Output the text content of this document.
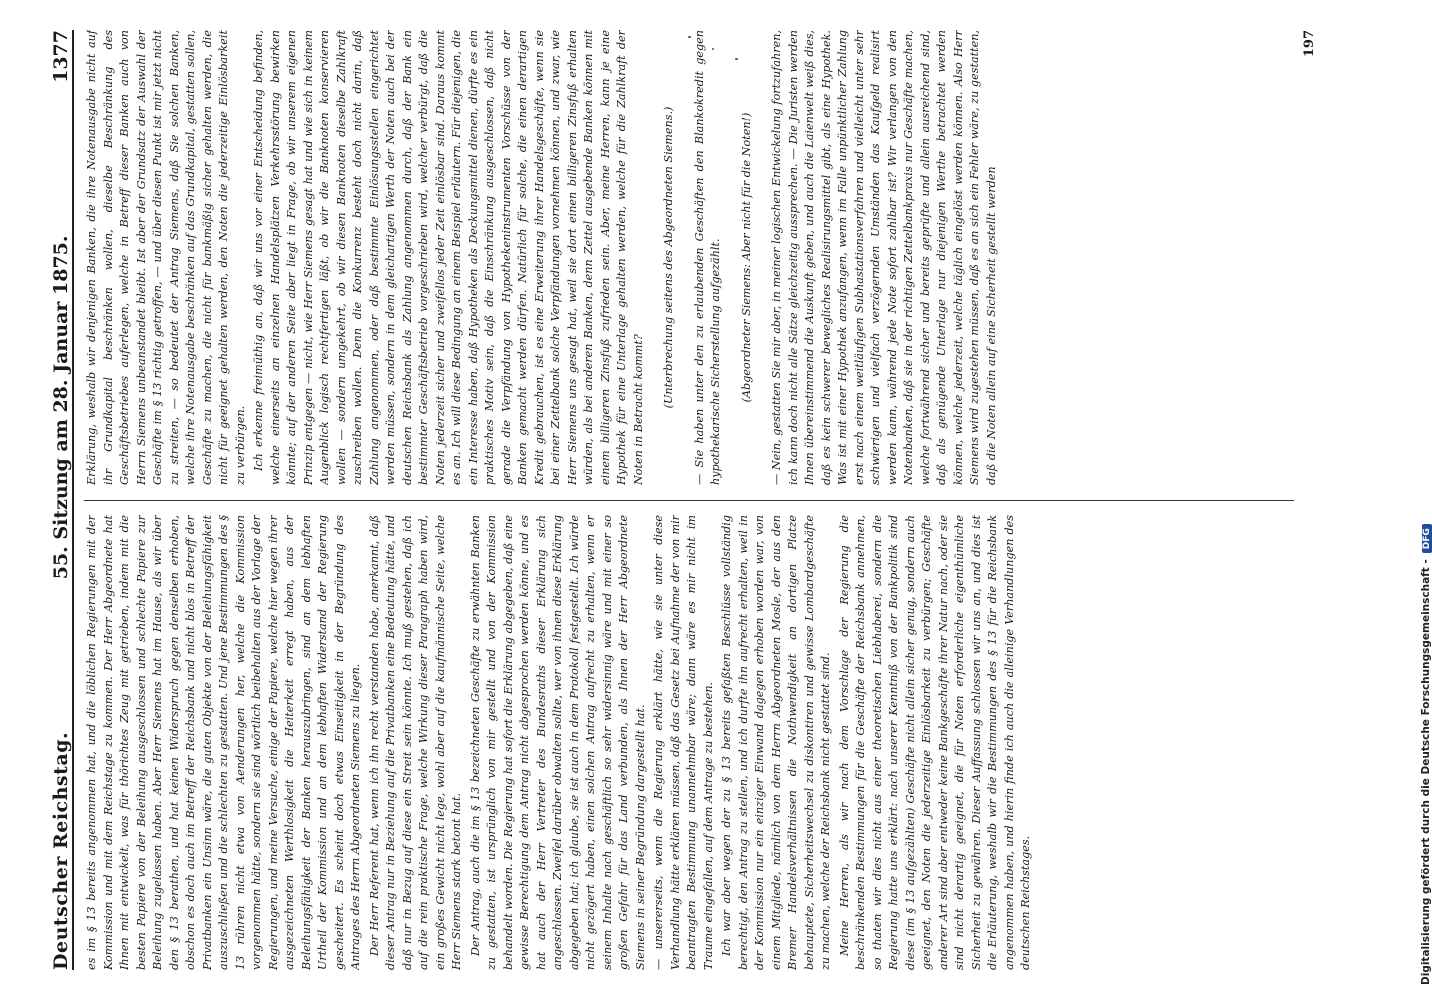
Deutscher Reichstag.
55. Sitzung am 28. Januar 1875.
1377

es im § 13 bereits angenommen hat, und die löblichen Regierungen mit der Kommission und mit dem Reichstage zu kommen. Der Herr Abgeordnete hat Ihnen mit entwickelt, was für thörichtes Zeug mit getrieben, indem mit die besten Papiere von der Beleihung ausgeschlossen und schlechte Papiere zur Beleihung zugelassen haben. Aber Herr Siemens hat im Hause, als wir über den § 13 berathen, und hat keinen Widerspruch gegen denselben erhoben, obschon es doch auch im Betreff der Reichsbank und nicht blos in Betreff der Privatbanken ein Unsinn wäre, die guten Objekte von der Beleihungsfähigkeit auszuschließen und die schlechten zu gestatten. Und jene Bestimmungen des § 13 rühren nicht etwa von Aenderungen her, welche die Kommission vorgenommen hätte, sondern sie sind wörtlich beibehalten aus der Vorlage der Regierungen, und meine Versuche, einige der Papiere, welche hier wegen ihrer ausgezeichneten Werthlosigkeit die Heiterkeit erregt haben, aus der Beleihungsfähigkeit der Banken herauszubringen, sind an dem lebhaften Urtheil der Kommission und an dem lebhaften Widerstand der Regierung gescheitert. Es scheint doch etwas Einseitigkeit in der Begründung des Antrages des Herrn Abgeordneten Siemens zu liegen. Der Herr Referent hat, wenn ich ihn recht verstanden habe, anerkannt, daß dieser Antrag nur in Beziehung auf die Privatbanken eine Bedeutung hätte, und daß nur in Bezug auf diese ein Streit sein könnte. Ich muß gestehen, daß ich auf die rein praktische Frage, welche Wirkung dieser Paragraph haben wird, ein großes Gewicht nicht lege, wohl aber auf die kaufmännische Seite, welche Herr Siemens stark betont hat. Der Antrag, auch die im § 13 bezeichneten Geschäfte zu erwähnten Banken zu gestatten, ist ursprünglich von mir gestellt und von der Kommission behandelt worden. Die Regierung hat sofort die Erklärung abgegeben, daß eine gewisse Berechtigung dem Antrag nicht abgesprochen werden könne, und es hat auch der Herr Vertreter des Bundesraths dieser Erklärung sich angeschlossen. Zweifel darüber obwalten sollte, wer von ihnen diese Erklärung abgegeben hat; ich glaube, sie ist auch in dem Protokoll festgestellt. Ich würde nicht gezögert haben, einen solchen Antrag aufrecht zu erhalten, wenn er seinem Inhalte nach geschäftlich so sehr widersinnig wäre und mit einer so großen Gefahr für das Land verbunden, als Ihnen der Herr Abgeordnete Siemens in seiner Begründung dargestellt hat. — unsererseits, wenn die Regierung erklärt hätte, wie sie unter diese Verhandlung hätte erklären müssen, daß das Gesetz bei Aufnahme der von mir beantragten Bestimmung unannehmbar wäre; dann wäre es mir nicht im Traume eingefallen, auf dem Antrage zu bestehen. Ich war aber wegen der zu § 13 bereits gefaßten Beschlüsse vollständig berechtigt, den Antrag zu stellen, und ich durfte ihn aufrecht erhalten, weil in der Kommission nur ein einziger Einwand dagegen erhoben worden war, von einem Mitgliede, nämlich von dem Herrn Abgeordneten Mosle, der aus den Bremer Handelsverhältnissen die Nothwendigkeit an dortigen Platze behauptete, Sicherheitswechsel zu diskontiren und gewisse Lombardgeschäfte zu machen, welche der Reichsbank nicht gestattet sind. Meine Herren, als wir nach dem Vorschlage der Regierung die beschränkenden Bestimmungen für die Geschäfte der Reichsbank annehmen, so thaten wir dies nicht aus einer theoretischen Liebhaberei, sondern die Regierung hatte uns erklärt: nach unserer Kenntniß von der Bankpolitik sind diese (im § 13 aufgezählten) Geschäfte nicht allein sicher genug, sondern auch geeignet, den Noten die jederzeitige Einlösbarkeit zu verbürgen; Geschäfte anderer Art sind aber entweder keine Bankgeschäfte ihrer Natur nach, oder sie sind nicht derartig geeignet, die für Noten erforderliche eigenthümliche Sicherheit zu gewähren. Dieser Auffassung schlossen wir uns an, und dies ist die Erläuterung, weshalb wir die Bestimmungen des § 13 für die Reichsbank angenommen haben, und hierin finde ich auch die alleinige Verhandlungen des deutschen Reichstages.

Erklärung, weshalb wir denjenigen Banken, die ihre Notenausgabe nicht auf ihr Grundkapital beschränken wollen, dieselbe Beschränkung des Geschäftsbetriebes auferlegen, welche in Betreff dieser Banken auch von Herrn Siemens unbeanstandet bleibt. Ist aber der Grundsatz der Auswahl der Geschäfte im § 13 richtig getroffen, — und über diesen Punkt ist mir jetzt nicht zu streiten, — so bedeutet der Antrag Siemens, daß Sie solchen Banken, welche ihre Notenausgabe beschränken auf das Grundkapital, gestatten sollen, Geschäfte zu machen, die nicht für bankmäßig sicher gehalten werden, die nicht für geeignet gehalten werden, den Noten die jederzeitige Einlösbarkeit zu verbürgen. Ich erkenne freimüthig an, daß wir uns vor einer Entscheidung befinden, welche einerseits an einzelnen Handelsplätzen Verkehrsstörung bewirken könnte; auf der anderen Seite aber liegt in Frage, ob wir unserem eigenen Prinzip entgegen — nicht, wie Herr Siemens gesagt hat und wie sich in keinem Augenblick logisch rechtfertigen läßt, ob wir die Banknoten konservieren wollen — sondern umgekehrt, ob wir diesen Banknoten dieselbe Zahlkraft zuschreiben wollen. Denn die Konkurrenz besteht doch nicht darin, daß Zahlung angenommen, oder daß bestimmte Einlösungsstellen eingerichtet werden müssen, sondern in dem gleichartigen Werth der Noten auch bei der deutschen Reichsbank als Zahlung angenommen durch, daß der Bank ein bestimmter Geschäftsbetrieb vorgeschrieben wird, welcher verbürgt, daß die Noten jederzeit sicher und zweifellos jeder Zeit einlösbar sind. Daraus kommt es an. Ich will diese Bedingung an einem Beispiel erläutern. Für diejenigen, die ein Interesse haben, daß Hypotheken als Deckungsmittel dienen, dürfte es ein praktisches Motiv sein, daß die Einschränkung ausgeschlossen, daß nicht gerade die Verpfändung von Hypothekeninstrumenten Vorschüsse von der Banken gemacht werden dürfen. Natürlich für solche, die einen derartigen Kredit gebrauchen, ist es eine Erweiterung ihrer Handelsgeschäfte, wenn sie bei einer Zettelbank solche Verpfändungen vornehmen können, und zwar, wie Herr Siemens uns gesagt hat, weil sie dort einen billigeren Zinsfuß erhalten würden, als bei anderen Banken, denn Zettel ausgebende Banken können mit einem billigeren Zinsfuß zufrieden sein. Aber, meine Herren, kann je eine Hypothek für eine Unterlage gehalten werden, welche für die Zahlkraft der Noten in Betracht kommt?

(Unterbrechung seitens des Abgeordneten Siemens.) — Sie haben unter den zu erlaubenden Geschäften den Blankokredit gegen hypothekarische Sicherstellung aufgezählt. (Abgeordneter Siemens: Aber nicht für die Noten!) — Nein, gestatten Sie mir aber, in meiner logischen Entwickelung fortzufahren, ich kann doch nicht alle Sätze gleichzeitig aussprechen. — Die Juristen werden Ihnen übereinstimmend die Auskunft geben, und auch die Laienwelt weiß dies, daß es kein schwerer bewegliches Realisirungsmittel gibt, als eine Hypothek. Was ist mit einer Hypothek anzufangen, wenn im Falle unpünktlicher Zahlung erst nach einem weitläufigen Subhastationsverfahren und vielleicht unter sehr schwierigen und vielfach verzögernden Umständen das Kaufgeld realisirt werden kann, während jede Note sofort zahlbar ist? Wir verlangen von den Notenbanken, daß sie in der richtigen Zettelbankpraxis nur Geschäfte machen, welche fortwährend sicher und bereits geprüfte und allein ausreichend sind, daß als genügende Unterlage nur diejenigen Werthe betrachtet werden können, welche jederzeit, welche täglich eingelöst werden können. Also Herr Siemens wird zugestehen müssen, daß es an sich ein Fehler wäre, zu gestatten, daß die Noten allein auf eine Sicherheit gestellt werden

197
Digitalisierung gefördert durch die Deutsche Forschungsgemeinschaft -DFG
